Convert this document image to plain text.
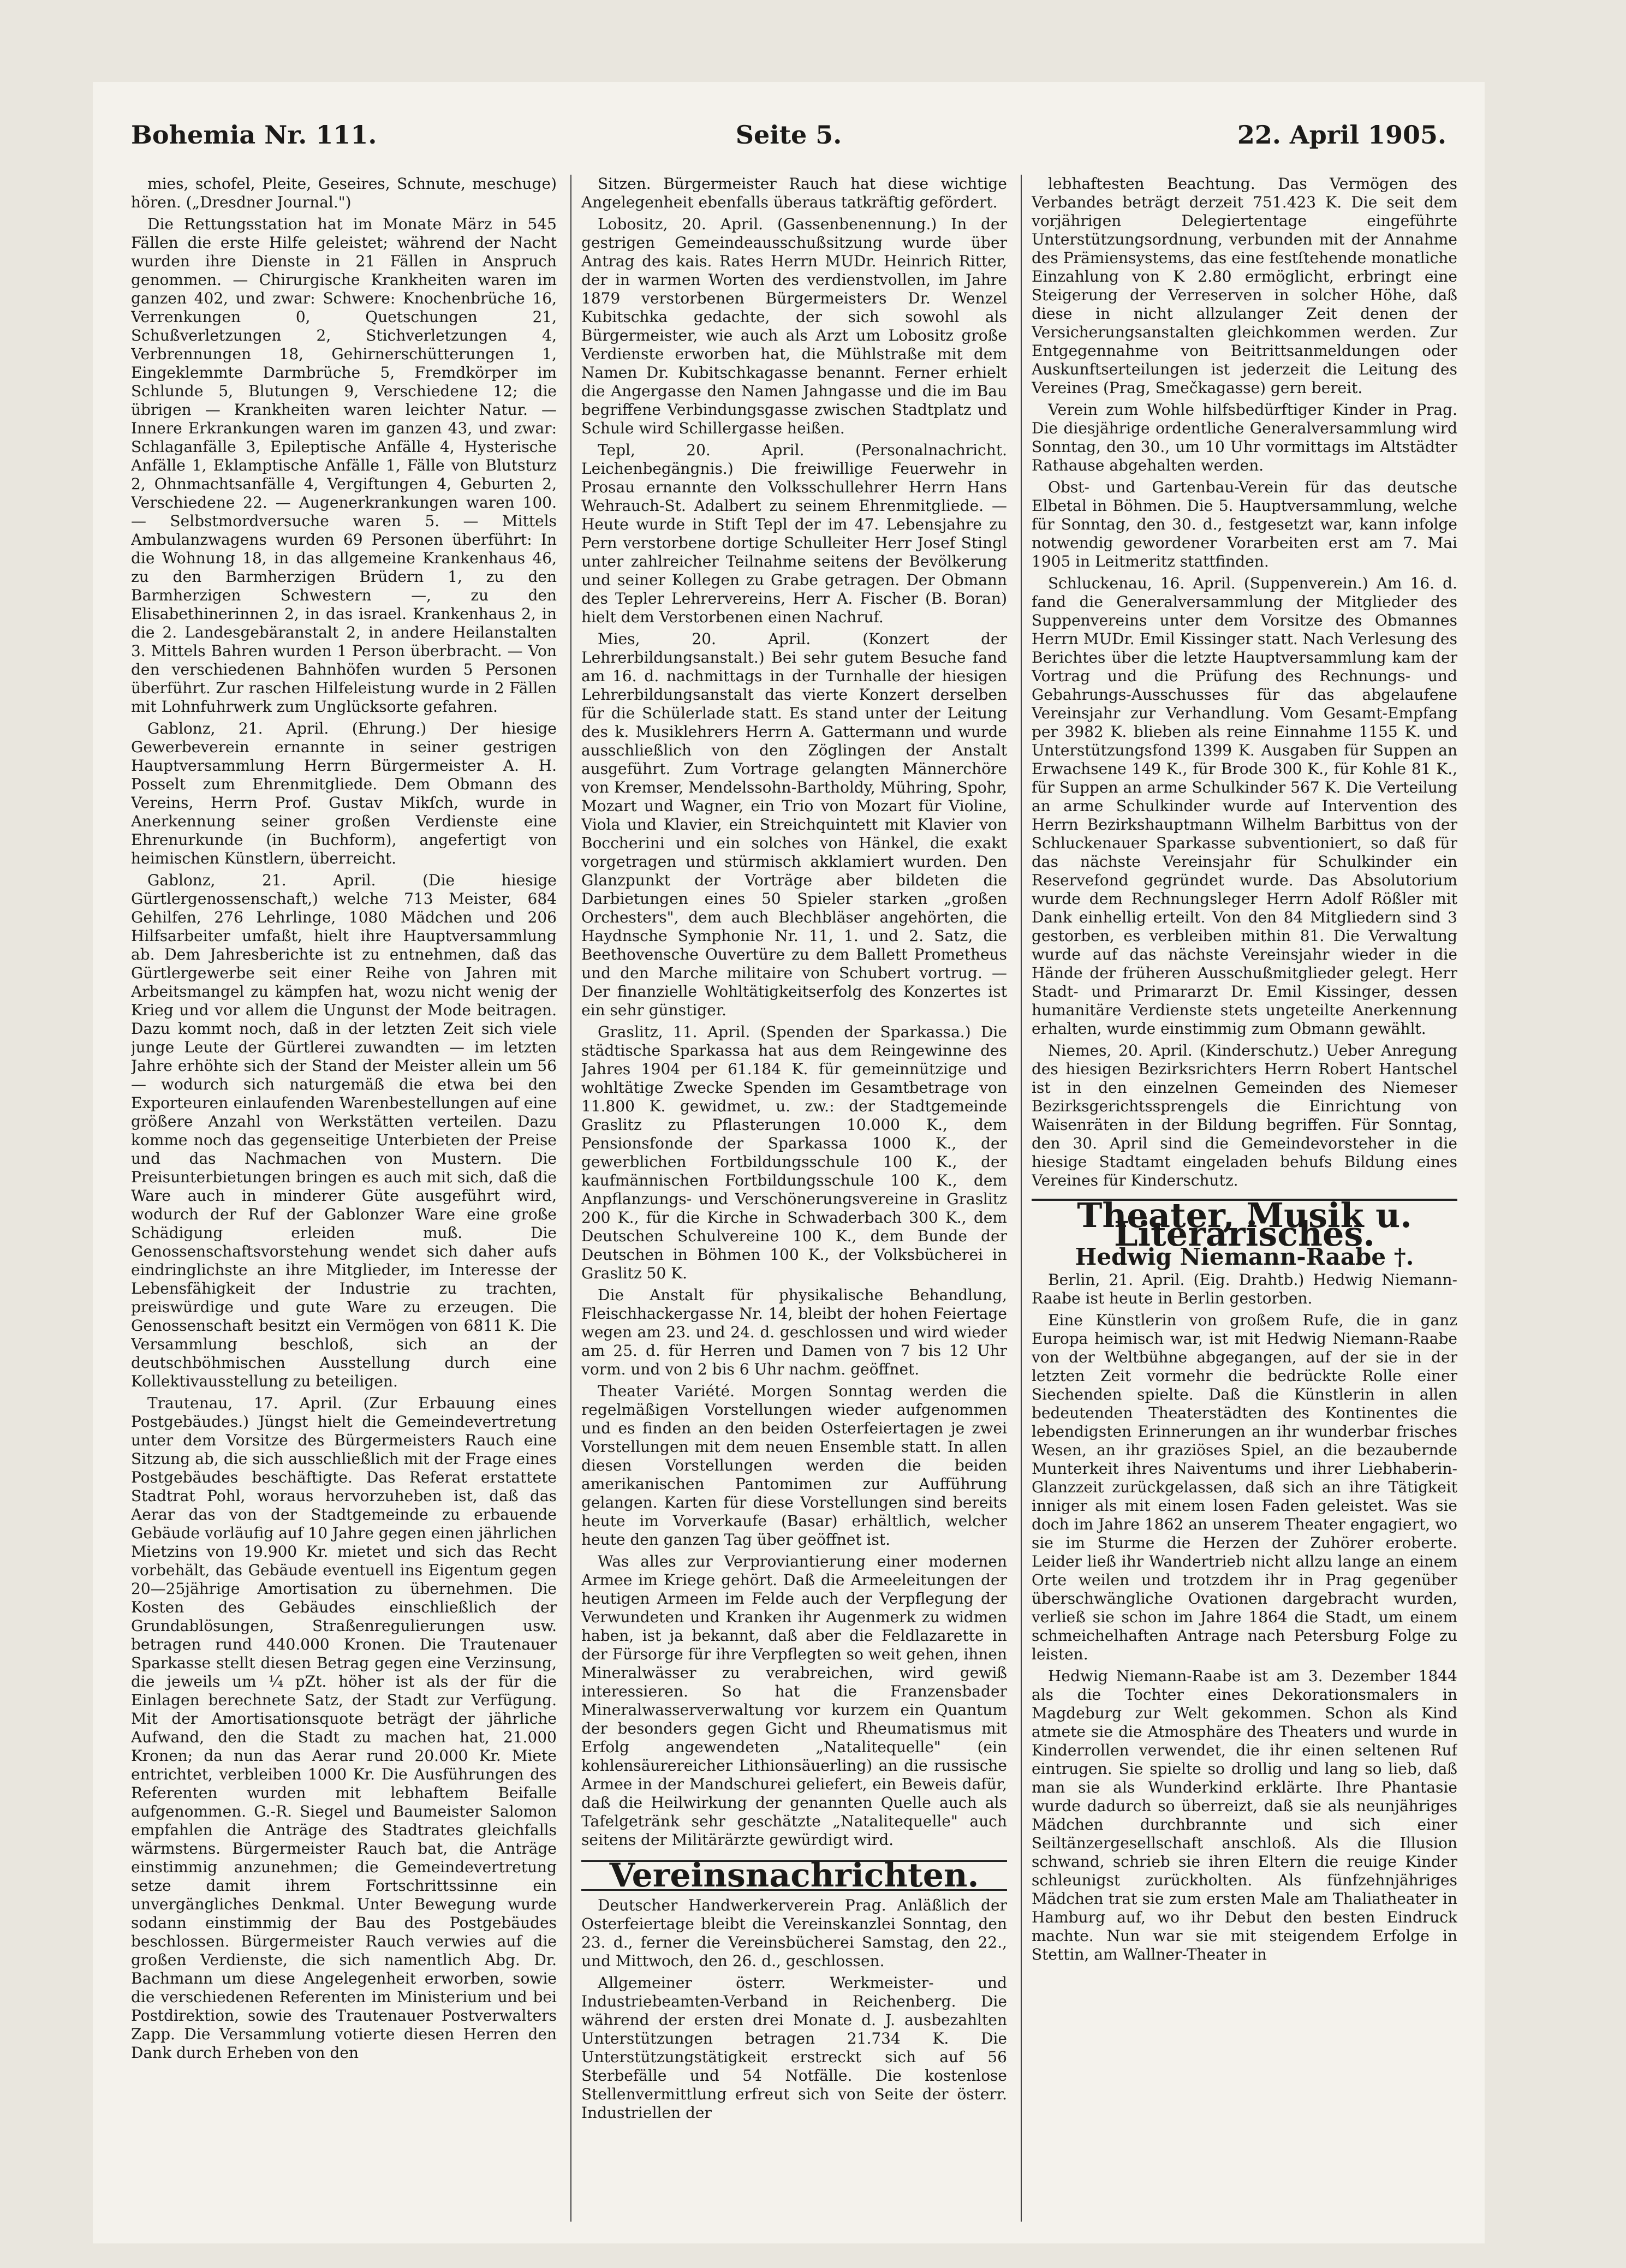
Bohemia Nr. 111.	Seite 5.	22. April 1905.

mies, schofel, Pleite, Geseires, Schnute, meschuge) hören. („Dresdner Journal.")

Die Rettungsstation hat im Monate März in 545 Fällen die erste Hilfe geleistet; während der Nacht wurden ihre Dienste in 21 Fällen in Anspruch genommen. — Chirurgische Krankheiten waren im ganzen 402, und zwar: Schwere: Knochenbrüche 16, Verrenkungen 0, Quetschungen 21, Schußverletzungen 2, Stichverletzungen 4, Verbrennungen 18, Gehirnerschütterungen 1, Eingeklemmte Darmbrüche 5, Fremdkörper im Schlunde 5, Blutungen 9, Verschiedene 12; die übrigen — Krankheiten waren leichter Natur. — Innere Erkrankungen waren im ganzen 43, und zwar: Schlaganfälle 3, Epileptische Anfälle 4, Hysterische Anfälle 1, Eklamptische Anfälle 1, Fälle von Blutsturz 2, Ohnmachtsanfälle 4, Vergiftungen 4, Geburten 2, Verschiedene 22. — Augenerkrankungen waren 100. — Selbstmordversuche waren 5. — Mittels Ambulanzwagens wurden 69 Personen überführt: In die Wohnung 18, in das allgemeine Krankenhaus 46, zu den Barmherzigen Brüdern 1, zu den Barmherzigen Schwestern —, zu den Elisabethinerinnen 2, in das israel. Krankenhaus 2, in die 2. Landesgebäranstalt 2, in andere Heilanstalten 3. Mittels Bahren wurden 1 Person überbracht. — Von den verschiedenen Bahnhöfen wurden 5 Personen überführt. Zur raschen Hilfeleistung wurde in 2 Fällen mit Lohnfuhrwerk zum Unglücksorte gefahren.

Gablonz, 21. April. (Ehrung.) Der hiesige Gewerbeverein ernannte in seiner gestrigen Hauptversammlung Herrn Bürgermeister A. H. Posselt zum Ehrenmitgliede. Dem Obmann des Vereins, Herrn Prof. Gustav Mikſch, wurde in Anerkennung seiner großen Verdienste eine Ehrenurkunde (in Buchform), angefertigt von heimischen Künstlern, überreicht.

Gablonz, 21. April. (Die hiesige Gürtlergenossenschaft,) welche 713 Meister, 684 Gehilfen, 276 Lehrlinge, 1080 Mädchen und 206 Hilfsarbeiter umfaßt, hielt ihre Hauptversammlung ab. Dem Jahresberichte ist zu entnehmen, daß das Gürtlergewerbe seit einer Reihe von Jahren mit Arbeitsmangel zu kämpfen hat, wozu nicht wenig der Krieg und vor allem die Ungunst der Mode beitragen. Dazu kommt noch, daß in der letzten Zeit sich viele junge Leute der Gürtlerei zuwandten — im letzten Jahre erhöhte sich der Stand der Meister allein um 56 — wodurch sich naturgemäß die etwa bei den Exporteuren einlaufenden Warenbestellungen auf eine größere Anzahl von Werkstätten verteilen. Dazu komme noch das gegenseitige Unterbieten der Preise und das Nachmachen von Mustern. Die Preisunterbietungen bringen es auch mit sich, daß die Ware auch in minderer Güte ausgeführt wird, wodurch der Ruf der Gablonzer Ware eine große Schädigung erleiden muß. Die Genossenschaftsvorstehung wendet sich daher aufs eindringlichste an ihre Mitglieder, im Interesse der Lebensfähigkeit der Industrie zu trachten, preiswürdige und gute Ware zu erzeugen. Die Genossenschaft besitzt ein Vermögen von 6811 K. Die Versammlung beschloß, sich an der deutschböhmischen Ausstellung durch eine Kollektivausstellung zu beteiligen.

Trautenau, 17. April. (Zur Erbauung eines Postgebäudes.) Jüngst hielt die Gemeindevertretung unter dem Vorsitze des Bürgermeisters Rauch eine Sitzung ab, die sich ausschließlich mit der Frage eines Postgebäudes beschäftigte. Das Referat erstattete Stadtrat Pohl, woraus hervorzuheben ist, daß das Aerar das von der Stadtgemeinde zu erbauende Gebäude vorläufig auf 10 Jahre gegen einen jährlichen Mietzins von 19.900 Kr. mietet und sich das Recht vorbehält, das Gebäude eventuell ins Eigentum gegen 20—25jährige Amortisation zu übernehmen. Die Kosten des Gebäudes einschließlich der Grundablösungen, Straßenregulierungen usw. betragen rund 440.000 Kronen. Die Trautenauer Sparkasse stellt diesen Betrag gegen eine Verzinsung, die jeweils um ¼ pZt. höher ist als der für die Einlagen berechnete Satz, der Stadt zur Verfügung. Mit der Amortisationsquote beträgt der jährliche Aufwand, den die Stadt zu machen hat, 21.000 Kronen; da nun das Aerar rund 20.000 Kr. Miete entrichtet, verbleiben 1000 Kr. Die Ausführungen des Referenten wurden mit lebhaftem Beifalle aufgenommen. G.-R. Siegel und Baumeister Salomon empfahlen die Anträge des Stadtrates gleichfalls wärmstens. Bürgermeister Rauch bat, die Anträge einstimmig anzunehmen; die Gemeindevertretung setze damit ihrem Fortschrittssinne ein unvergängliches Denkmal. Unter Bewegung wurde sodann einstimmig der Bau des Postgebäudes beschlossen. Bürgermeister Rauch verwies auf die großen Verdienste, die sich namentlich Abg. Dr. Bachmann um diese Angelegenheit erworben, sowie die verschiedenen Referenten im Ministerium und bei Postdirektion, sowie des Trautenauer Postverwalters Zapp. Die Versammlung votierte diesen Herren den Dank durch Erheben von den

Sitzen. Bürgermeister Rauch hat diese wichtige Angelegenheit ebenfalls überaus tatkräftig gefördert.

Lobositz, 20. April. (Gassenbenennung.) In der gestrigen Gemeindeausschußsitzung wurde über Antrag des kais. Rates Herrn MUDr. Heinrich Ritter, der in warmen Worten des verdienstvollen, im Jahre 1879 verstorbenen Bürgermeisters Dr. Wenzel Kubitschka gedachte, der sich sowohl als Bürgermeister, wie auch als Arzt um Lobositz große Verdienste erworben hat, die Mühlstraße mit dem Namen Dr. Kubitschkagasse benannt. Ferner erhielt die Angergasse den Namen Jahngasse und die im Bau begriffene Verbindungsgasse zwischen Stadtplatz und Schule wird Schillergasse heißen.

Tepl, 20. April. (Personalnachricht. Leichenbegängnis.) Die freiwillige Feuerwehr in Prosau ernannte den Volksschullehrer Herrn Hans Wehrauch-St. Adalbert zu seinem Ehrenmitgliede. — Heute wurde in Stift Tepl der im 47. Lebensjahre zu Pern verstorbene dortige Schulleiter Herr Josef Stingl unter zahlreicher Teilnahme seitens der Bevölkerung und seiner Kollegen zu Grabe getragen. Der Obmann des Tepler Lehrervereins, Herr A. Fischer (B. Boran) hielt dem Verstorbenen einen Nachruf.

Mies, 20. April. (Konzert der Lehrerbildungsanstalt.) Bei sehr gutem Besuche fand am 16. d. nachmittags in der Turnhalle der hiesigen Lehrerbildungsanstalt das vierte Konzert derselben für die Schülerlade statt. Es stand unter der Leitung des k. Musiklehrers Herrn A. Gattermann und wurde ausschließlich von den Zöglingen der Anstalt ausgeführt. Zum Vortrage gelangten Männerchöre von Kremser, Mendelssohn-Bartholdy, Mühring, Spohr, Mozart und Wagner, ein Trio von Mozart für Violine, Viola und Klavier, ein Streichquintett mit Klavier von Boccherini und ein solches von Hänkel, die exakt vorgetragen und stürmisch akklamiert wurden. Den Glanzpunkt der Vorträge aber bildeten die Darbietungen eines 50 Spieler starken „großen Orchesters", dem auch Blechbläser angehörten, die Haydnsche Symphonie Nr. 11, 1. und 2. Satz, die Beethovensche Ouvertüre zu dem Ballett Prometheus und den Marche militaire von Schubert vortrug. — Der finanzielle Wohltätigkeitserfolg des Konzertes ist ein sehr günstiger.

Graslitz, 11. April. (Spenden der Sparkassa.) Die städtische Sparkassa hat aus dem Reingewinne des Jahres 1904 per 61.184 K. für gemeinnützige und wohltätige Zwecke Spenden im Gesamtbetrage von 11.800 K. gewidmet, u. zw.: der Stadtgemeinde Graslitz zu Pflasterungen 10.000 K., dem Pensionsfonde der Sparkassa 1000 K., der gewerblichen Fortbildungsschule 100 K., der kaufmännischen Fortbildungsschule 100 K., dem Anpflanzungs- und Verschönerungsvereine in Graslitz 200 K., für die Kirche in Schwaderbach 300 K., dem Deutschen Schulvereine 100 K., dem Bunde der Deutschen in Böhmen 100 K., der Volksbücherei in Graslitz 50 K.

Die Anstalt für physikalische Behandlung, Fleischhackergasse Nr. 14, bleibt der hohen Feiertage wegen am 23. und 24. d. geschlossen und wird wieder am 25. d. für Herren und Damen von 7 bis 12 Uhr vorm. und von 2 bis 6 Uhr nachm. geöffnet.

Theater Variété. Morgen Sonntag werden die regelmäßigen Vorstellungen wieder aufgenommen und es finden an den beiden Osterfeiertagen je zwei Vorstellungen mit dem neuen Ensemble statt. In allen diesen Vorstellungen werden die beiden amerikanischen Pantomimen zur Aufführung gelangen. Karten für diese Vorstellungen sind bereits heute im Vorverkaufe (Basar) erhältlich, welcher heute den ganzen Tag über geöffnet ist.

Was alles zur Verproviantierung einer modernen Armee im Kriege gehört. Daß die Armeeleitungen der heutigen Armeen im Felde auch der Verpflegung der Verwundeten und Kranken ihr Augenmerk zu widmen haben, ist ja bekannt, daß aber die Feldlazarette in der Fürsorge für ihre Verpflegten so weit gehen, ihnen Mineralwässer zu verabreichen, wird gewiß interessieren. So hat die Franzensbader Mineralwasserverwaltung vor kurzem ein Quantum der besonders gegen Gicht und Rheumatismus mit Erfolg angewendeten „Natalitequelle" (ein kohlensäurereicher Lithionsäuerling) an die russische Armee in der Mandschurei geliefert, ein Beweis dafür, daß die Heilwirkung der genannten Quelle auch als Tafelgetränk sehr geschätzte „Natalitequelle" auch seitens der Militärärzte gewürdigt wird.

Vereinsnachrichten.

Deutscher Handwerkerverein Prag. Anläßlich der Osterfeiertage bleibt die Vereinskanzlei Sonntag, den 23. d., ferner die Vereinsbücherei Samstag, den 22., und Mittwoch, den 26. d., geschlossen.

Allgemeiner österr. Werkmeister- und Industriebeamten-Verband in Reichenberg. Die während der ersten drei Monate d. J. ausbezahlten Unterstützungen betragen 21.734 K. Die Unterstützungstätigkeit erstreckt sich auf 56 Sterbefälle und 54 Notfälle. Die kostenlose Stellenvermittlung erfreut sich von Seite der österr. Industriellen der

lebhaftesten Beachtung. Das Vermögen des Verbandes beträgt derzeit 751.423 K. Die seit dem vorjährigen Delegiertentage eingeführte Unterstützungsordnung, verbunden mit der Annahme des Prämiensystems, das eine festſtehende monatliche Einzahlung von K 2.80 ermöglicht, erbringt eine Steigerung der Verreserven in solcher Höhe, daß diese in nicht allzulanger Zeit denen der Versicherungsanstalten gleichkommen werden. Zur Entgegennahme von Beitrittsanmeldungen oder Auskunftserteilungen ist jederzeit die Leitung des Vereines (Prag, Smečkagasse) gern bereit.

Verein zum Wohle hilfsbedürftiger Kinder in Prag. Die diesjährige ordentliche Generalversammlung wird Sonntag, den 30., um 10 Uhr vormittags im Altstädter Rathause abgehalten werden.

Obst- und Gartenbau-Verein für das deutsche Elbetal in Böhmen. Die 5. Hauptversammlung, welche für Sonntag, den 30. d., festgesetzt war, kann infolge notwendig gewordener Vorarbeiten erst am 7. Mai 1905 in Leitmeritz stattfinden.

Schluckenau, 16. April. (Suppenverein.) Am 16. d. fand die Generalversammlung der Mitglieder des Suppenvereins unter dem Vorsitze des Obmannes Herrn MUDr. Emil Kissinger statt. Nach Verlesung des Berichtes über die letzte Hauptversammlung kam der Vortrag und die Prüfung des Rechnungs- und Gebahrungs-Ausschusses für das abgelaufene Vereinsjahr zur Verhandlung. Vom Gesamt-Empfang per 3982 K. blieben als reine Einnahme 1155 K. und Unterstützungsfond 1399 K. Ausgaben für Suppen an Erwachsene 149 K., für Brode 300 K., für Kohle 81 K., für Suppen an arme Schulkinder 567 K. Die Verteilung an arme Schulkinder wurde auf Intervention des Herrn Bezirkshauptmann Wilhelm Barbittus von der Schluckenauer Sparkasse subventioniert, so daß für das nächste Vereinsjahr für Schulkinder ein Reservefond gegründet wurde. Das Absolutorium wurde dem Rechnungsleger Herrn Adolf Rößler mit Dank einhellig erteilt. Von den 84 Mitgliedern sind 3 gestorben, es verbleiben mithin 81. Die Verwaltung wurde auf das nächste Vereinsjahr wieder in die Hände der früheren Ausschußmitglieder gelegt. Herr Stadt- und Primararzt Dr. Emil Kissinger, dessen humanitäre Verdienste stets ungeteilte Anerkennung erhalten, wurde einstimmig zum Obmann gewählt.

Niemes, 20. April. (Kinderschutz.) Ueber Anregung des hiesigen Bezirksrichters Herrn Robert Hantschel ist in den einzelnen Gemeinden des Niemeser Bezirksgerichtssprengels die Einrichtung von Waisenräten in der Bildung begriffen. Für Sonntag, den 30. April sind die Gemeindevorsteher in die hiesige Stadtamt eingeladen behufs Bildung eines Vereines für Kinderschutz.

Theater, Musik u. Literarisches.
Hedwig Niemann-Raabe †.

Berlin, 21. April. (Eig. Drahtb.) Hedwig Niemann-Raabe ist heute in Berlin gestorben.

Eine Künstlerin von großem Rufe, die in ganz Europa heimisch war, ist mit Hedwig Niemann-Raabe von der Weltbühne abgegangen, auf der sie in der letzten Zeit vormehr die bedrückte Rolle einer Siechenden spielte. Daß die Künstlerin in allen bedeutenden Theaterstädten des Kontinentes die lebendigsten Erinnerungen an ihr wunderbar frisches Wesen, an ihr graziöses Spiel, an die bezaubernde Munterkeit ihres Naiventums und ihrer Liebhaberin-Glanzzeit zurückgelassen, daß sich an ihre Tätigkeit inniger als mit einem losen Faden geleistet. Was sie doch im Jahre 1862 an unserem Theater engagiert, wo sie im Sturme die Herzen der Zuhörer eroberte. Leider ließ ihr Wandertrieb nicht allzu lange an einem Orte weilen und trotzdem ihr in Prag gegenüber überschwängliche Ovationen dargebracht wurden, verließ sie schon im Jahre 1864 die Stadt, um einem schmeichelhaften Antrage nach Petersburg Folge zu leisten.

Hedwig Niemann-Raabe ist am 3. Dezember 1844 als die Tochter eines Dekorationsmalers in Magdeburg zur Welt gekommen. Schon als Kind atmete sie die Atmosphäre des Theaters und wurde in Kinderrollen verwendet, die ihr einen seltenen Ruf eintrugen. Sie spielte so drollig und lang so lieb, daß man sie als Wunderkind erklärte. Ihre Phantasie wurde dadurch so überreizt, daß sie als neunjähriges Mädchen durchbrannte und sich einer Seiltänzergesellschaft anschloß. Als die Illusion schwand, schrieb sie ihren Eltern die reuige Kinder schleunigst zurückholten. Als fünfzehnjähriges Mädchen trat sie zum ersten Male am Thaliatheater in Hamburg auf, wo ihr Debut den besten Eindruck machte. Nun war sie mit steigendem Erfolge in Stettin, am Wallner-Theater in
